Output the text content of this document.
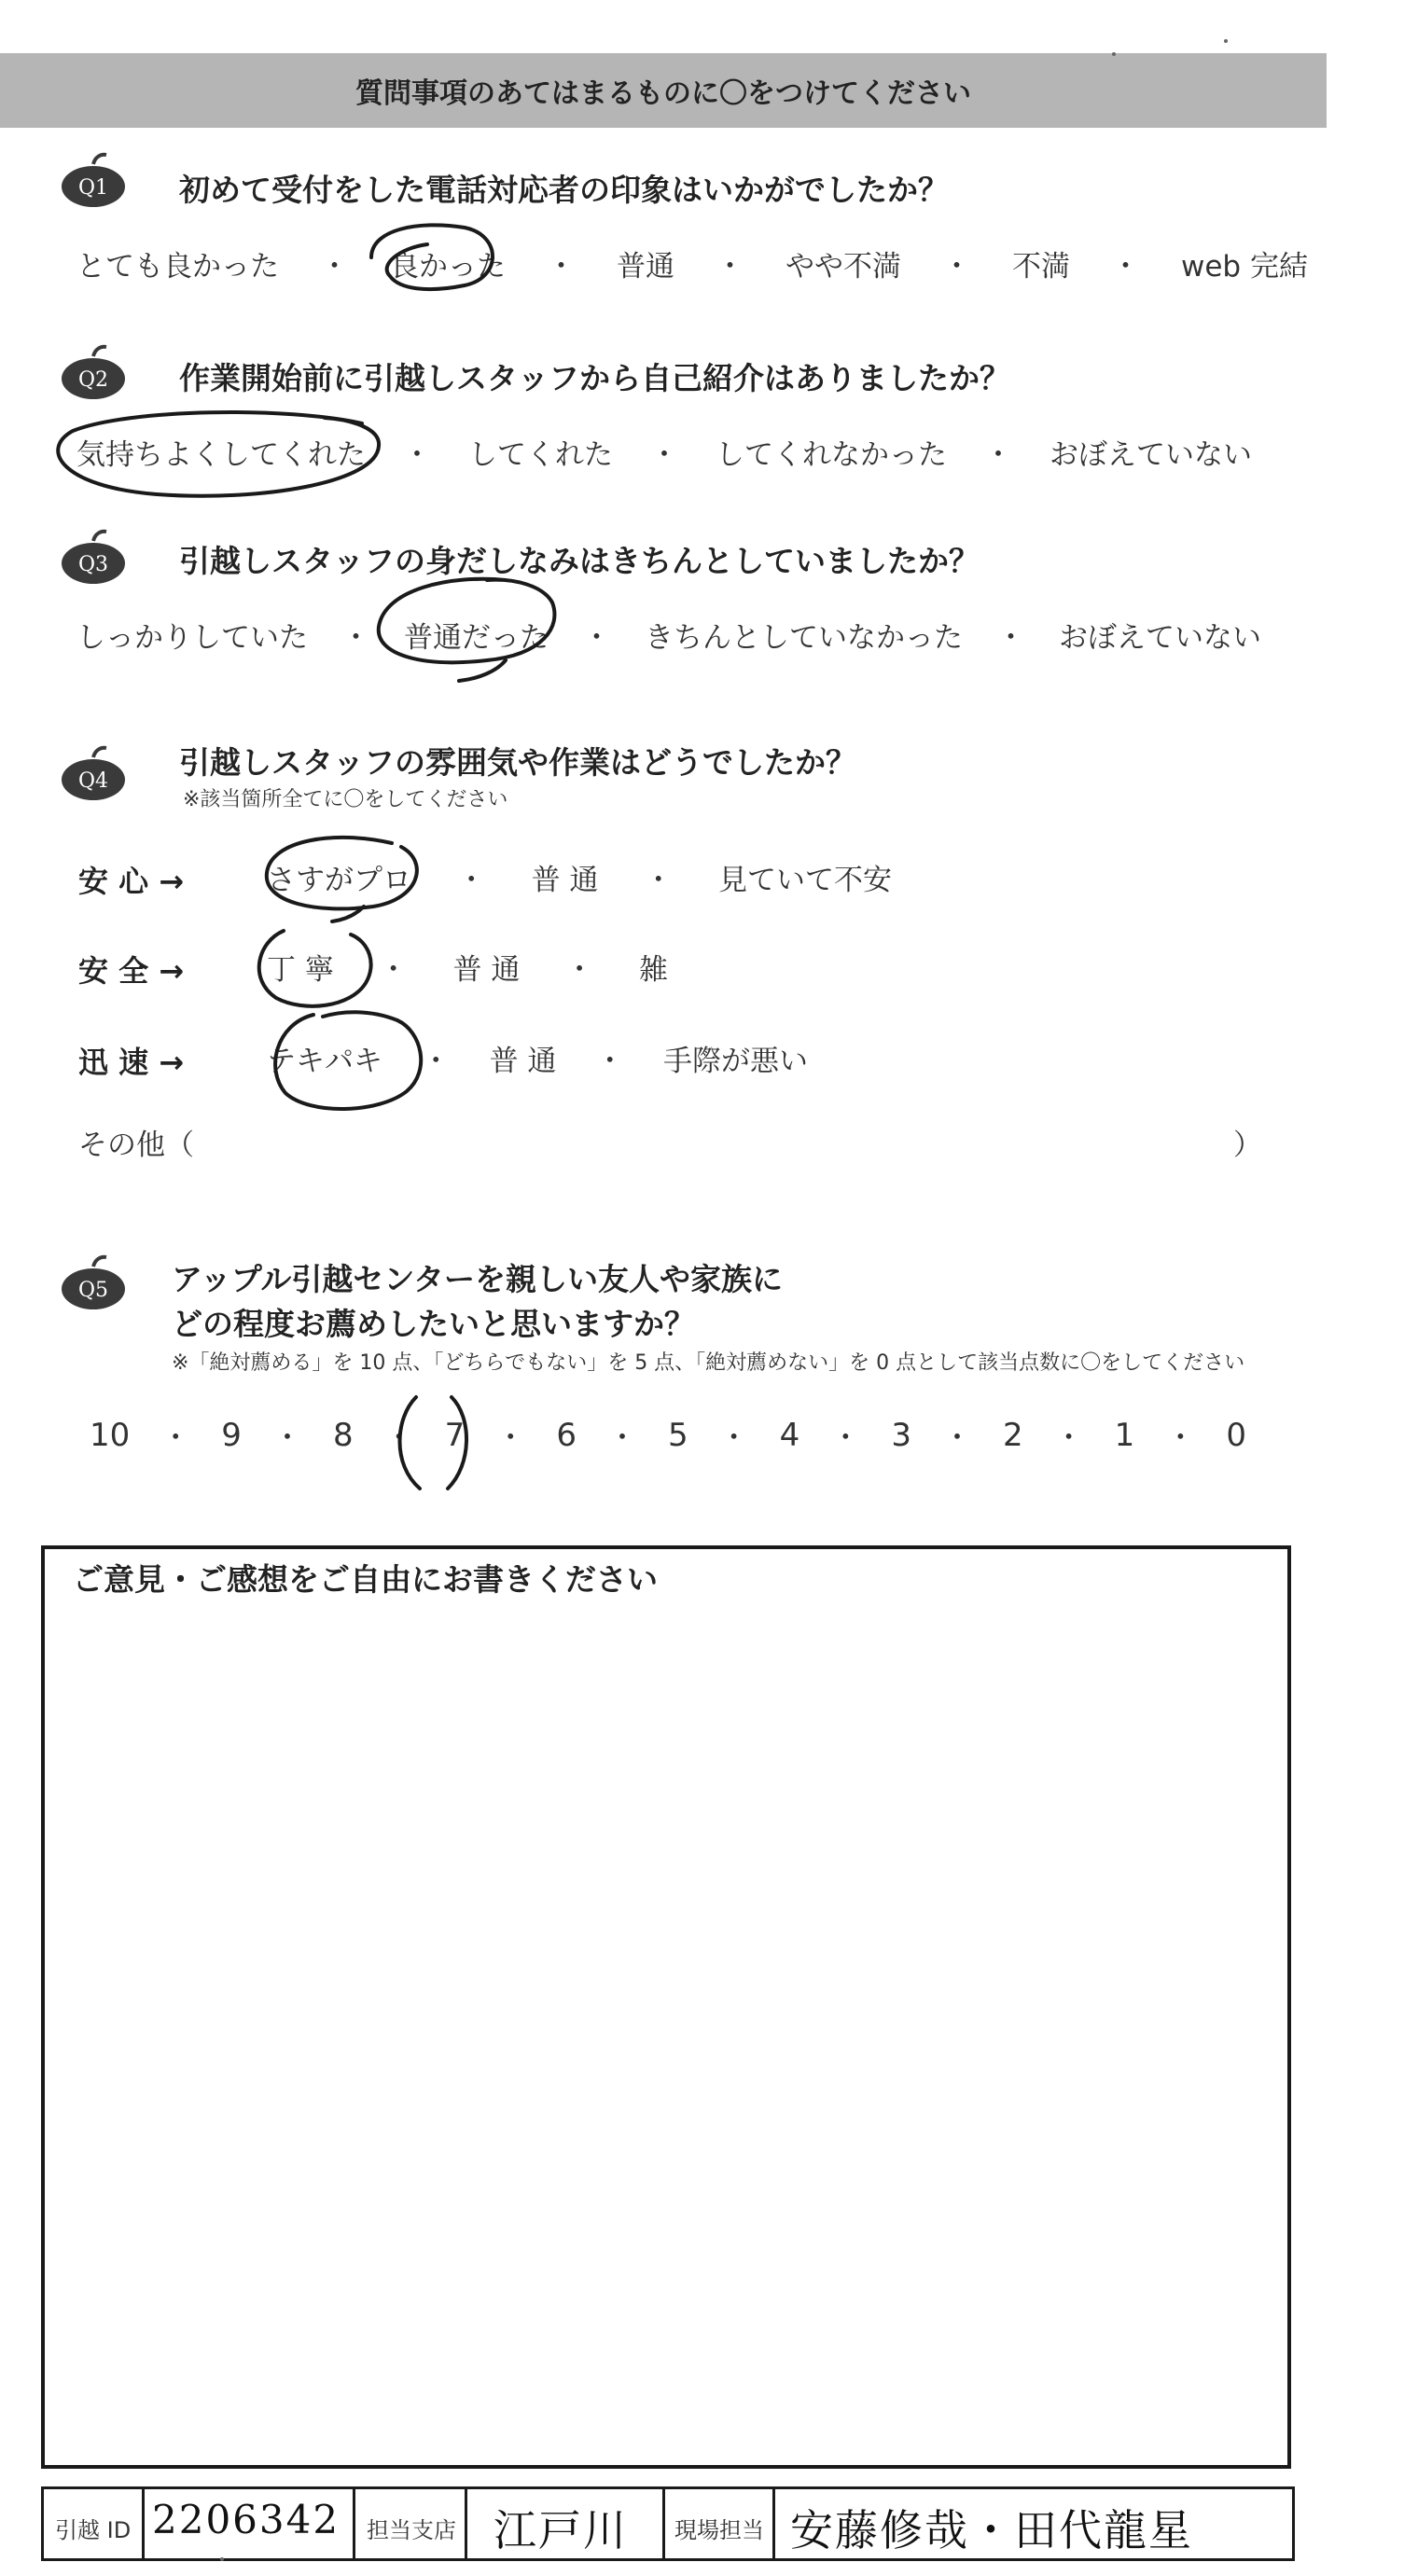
質問事項のあてはまるものに〇をつけてください
Q1 初めて受付をした電話対応者の印象はいかがでしたか？
とても良かった ・ 良かった ・ 普通 ・ やや不満 ・ 不満 ・ web 完結
Q2 作業開始前に引越しスタッフから自己紹介はありましたか？
気持ちよくしてくれた ・ してくれた ・ してくれなかった ・ おぼえていない
Q3 引越しスタッフの身だしなみはきちんとしていましたか？
しっかりしていた ・ 普通だった ・ きちんとしていなかった ・ おぼえていない
Q4
引越しスタッフの雰囲気や作業はどうでしたか？
※該当箇所全てに〇をしてください
安 心 →	さすがプロ ・ 普 通 ・ 見ていて不安
安 全 →	丁 寧 ・ 普 通 ・ 雑
迅 速 →	テキパキ ・ 普 通 ・ 手際が悪い
その他（	）
Q5 アップル引越センターを親しい友人や家族に
どの程度お薦めしたいと思いますか？
※「絶対薦める」を 10 点、「どちらでもない」を 5 点、「絶対薦めない」を 0 点として該当点数に〇をしてください
10 ・ 9 ・ 8 ・ 7 ・ 6 ・ 5 ・ 4 ・ 3 ・ 2 ・ 1 ・ 0
ご意見・ご感想をご自由にお書きください
引越 ID 2206342 担当支店 江戸川 現場担当 安藤修哉・田代龍星
